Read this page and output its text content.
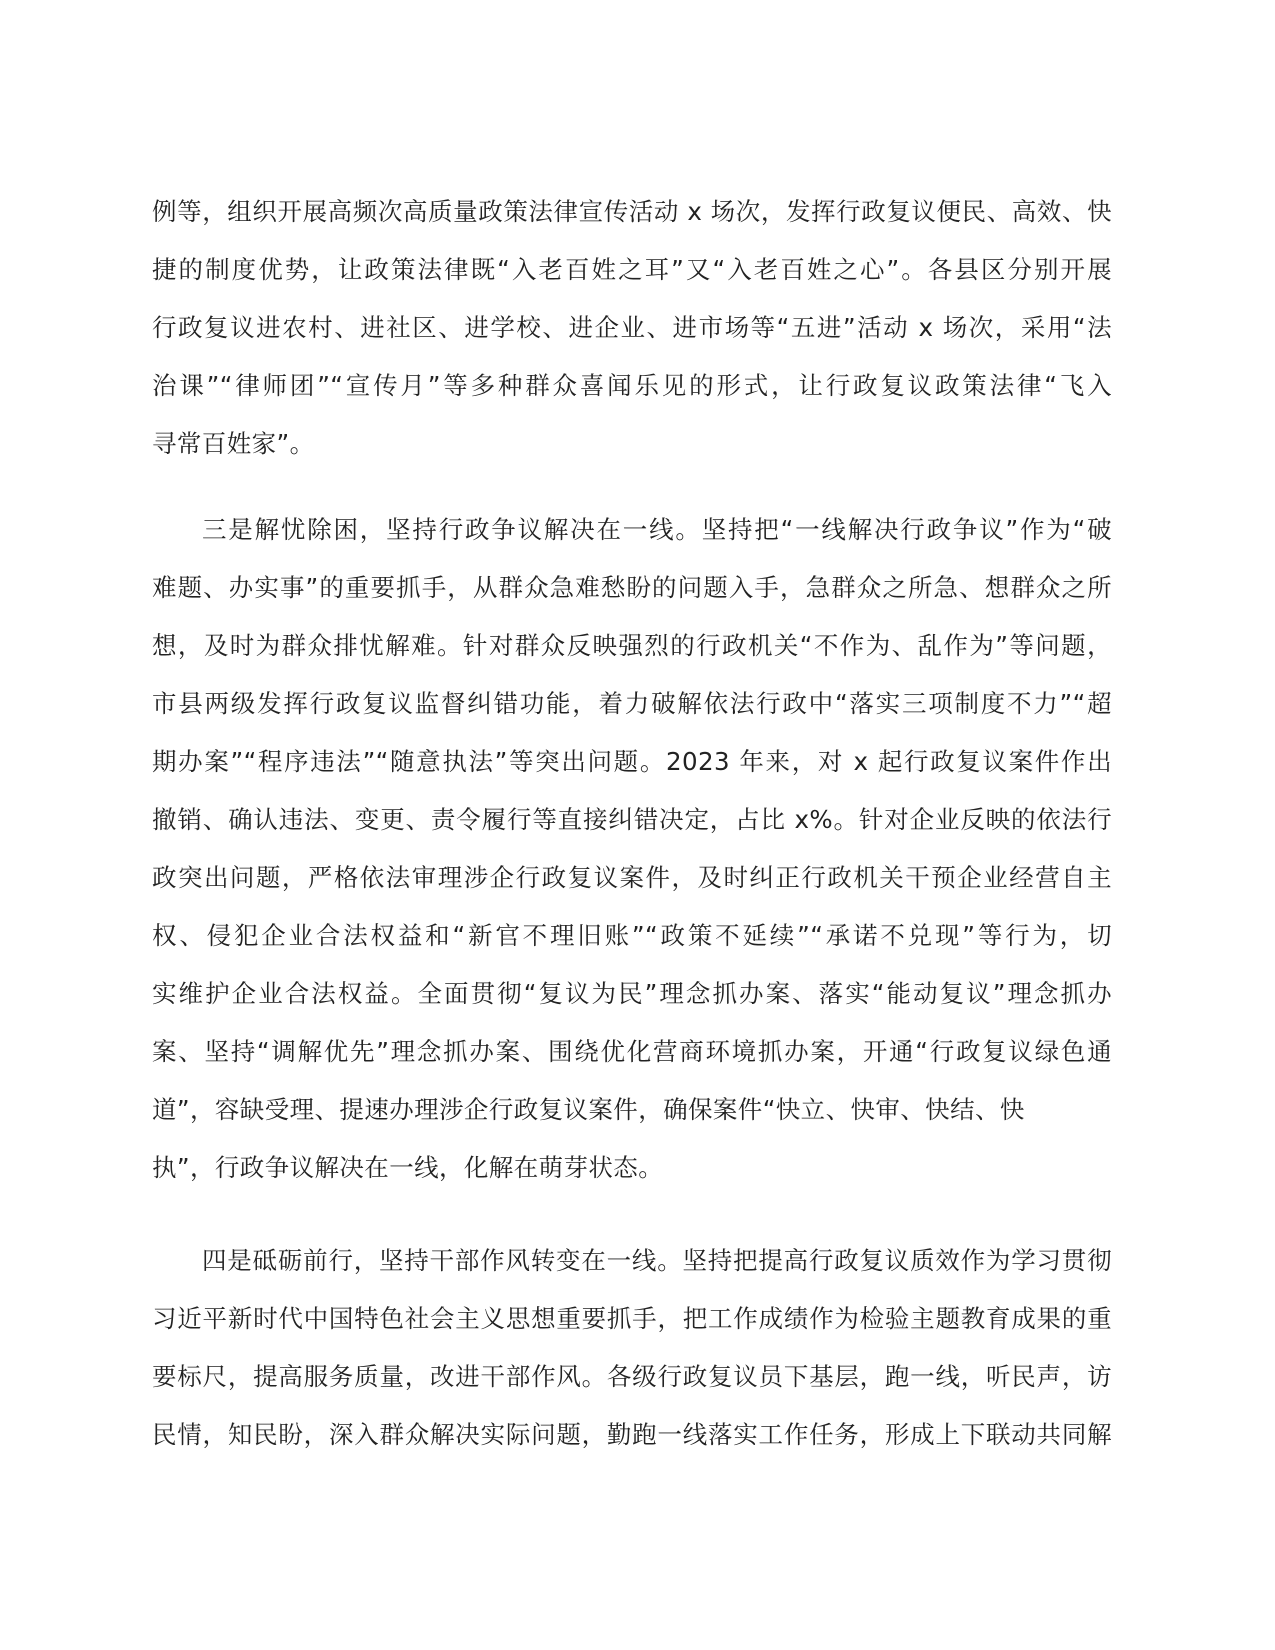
例等，组织开展高频次高质量政策法律宣传活动 x 场次，发挥行政复议便民、高效、快
捷的制度优势，让政策法律既“入老百姓之耳”又“入老百姓之心”。各县区分别开展
行政复议进农村、进社区、进学校、进企业、进市场等“五进”活动 x 场次，采用“法
治课”“律师团”“宣传月”等多种群众喜闻乐见的形式，让行政复议政策法律“飞入
寻常百姓家”。
三是解忧除困，坚持行政争议解决在一线。坚持把“一线解决行政争议”作为“破
难题、办实事”的重要抓手，从群众急难愁盼的问题入手，急群众之所急、想群众之所
想，及时为群众排忧解难。针对群众反映强烈的行政机关“不作为、乱作为”等问题，
市县两级发挥行政复议监督纠错功能，着力破解依法行政中“落实三项制度不力”“超
期办案”“程序违法”“随意执法”等突出问题。2023 年来，对 x 起行政复议案件作出
撤销、确认违法、变更、责令履行等直接纠错决定，占比 x%。针对企业反映的依法行
政突出问题，严格依法审理涉企行政复议案件，及时纠正行政机关干预企业经营自主
权、侵犯企业合法权益和“新官不理旧账”“政策不延续”“承诺不兑现”等行为，切
实维护企业合法权益。全面贯彻“复议为民”理念抓办案、落实“能动复议”理念抓办
案、坚持“调解优先”理念抓办案、围绕优化营商环境抓办案，开通“行政复议绿色通
道”，容缺受理、提速办理涉企行政复议案件，确保案件“快立、快审、快结、快
执”，行政争议解决在一线，化解在萌芽状态。
四是砥砺前行，坚持干部作风转变在一线。坚持把提高行政复议质效作为学习贯彻
习近平新时代中国特色社会主义思想重要抓手，把工作成绩作为检验主题教育成果的重
要标尺，提高服务质量，改进干部作风。各级行政复议员下基层，跑一线，听民声，访
民情，知民盼，深入群众解决实际问题，勤跑一线落实工作任务，形成上下联动共同解
